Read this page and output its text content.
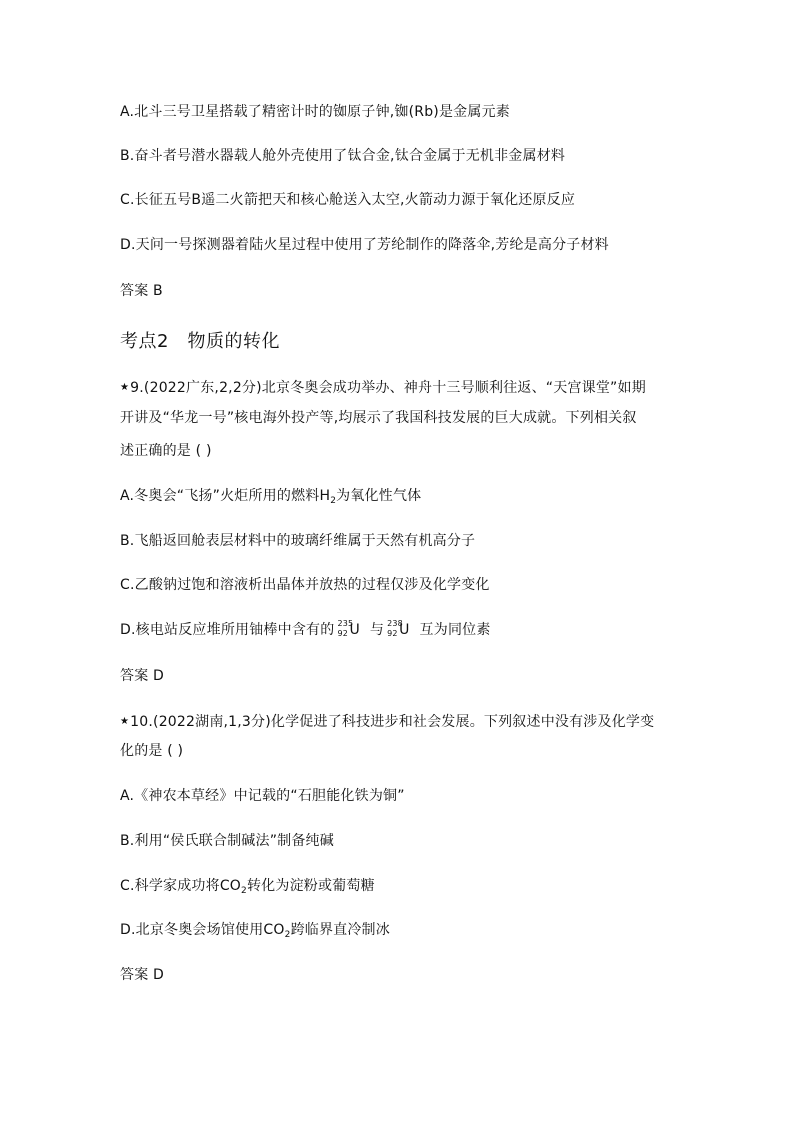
A.北斗三号卫星搭载了精密计时的铷原子钟,铷(Rb)是金属元素
B.奋斗者号潜水器载人舱外壳使用了钛合金,钛合金属于无机非金属材料
C.长征五号B遥二火箭把天和核心舱送入太空,火箭动力源于氧化还原反应
D.天问一号探测器着陆火星过程中使用了芳纶制作的降落伞,芳纶是高分子材料
答案 B
考点2　物质的转化
★9.(2022广东,2,2分)北京冬奥会成功举办、神舟十三号顺利往返、“天宫课堂”如期
开讲及“华龙一号”核电海外投产等,均展示了我国科技发展的巨大成就。下列相关叙
述正确的是 ( )
A.冬奥会“飞扬”火炬所用的燃料$H_2$为氧化性气体
B.飞船返回舱表层材料中的玻璃纤维属于天然有机高分子
C.乙酸钠过饱和溶液析出晶体并放热的过程仅涉及化学变化
D.核电站反应堆所用铀棒中含有的 235
92 U 与 238
92 U 互为同位素
答案 D
★10.(2022湖南,1,3分)化学促进了科技进步和社会发展。下列叙述中没有涉及化学变
化的是 ( )
A.《神农本草经》中记载的“石胆能化铁为铜”
B.利用“侯氏联合制碱法”制备纯碱
C.科学家成功将$CO_2$转化为淀粉或葡萄糖
D.北京冬奥会场馆使用$CO_2$跨临界直冷制冰
答案 D
